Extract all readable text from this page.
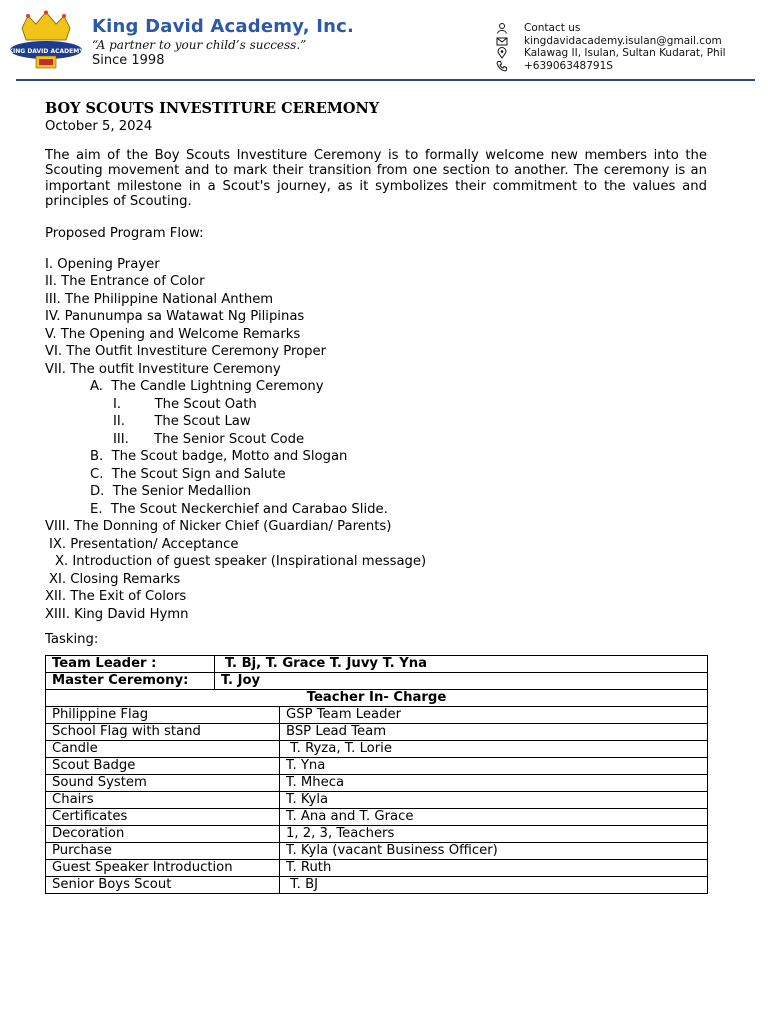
KING DAVID ACADEMY
King David Academy, Inc.
“A partner to your child’s success.”
Since 1998
Contact us
kingdavidacademy.isulan@gmail.com
Kalawag II, Isulan, Sultan Kudarat, Phil
+63906348791S
BOY SCOUTS INVESTITURE CEREMONY
October 5, 2024

The aim of the Boy Scouts Investiture Ceremony is to formally welcome new members into the Scouting movement and to mark their transition from one section to another. The ceremony is an important milestone in a Scout's journey, as it symbolizes their commitment to the values and principles of Scouting.

Proposed Program Flow:
I. Opening Prayer
II. The Entrance of Color
III. The Philippine National Anthem
IV. Panunumpa sa Watawat Ng Pilipinas
V. The Opening and Welcome Remarks
VI. The Outfit Investiture Ceremony Proper
VII. The outfit Investiture Ceremony
A.  The Candle Lightning Ceremony
I.        The Scout Oath
II.       The Scout Law
III.      The Senior Scout Code
B.  The Scout badge, Motto and Slogan
C.  The Scout Sign and Salute
D.  The Senior Medallion
E.  The Scout Neckerchief and Carabao Slide.
VIII. The Donning of Nicker Chief (Guardian/ Parents)
IX. Presentation/ Acceptance
X. Introduction of guest speaker (Inspirational message)
XI. Closing Remarks
XII. The Exit of Colors
XIII. King David Hymn
Tasking:
Team Leader :	T. Bj, T. Grace T. Juvy T. Yna	
Master Ceremony:	T. Joy	
Teacher In- Charge		
Philippine Flag		GSP Team Leader
School Flag with stand		BSP Lead Team
Candle		T. Ryza, T. Lorie
Scout Badge		T. Yna
Sound System		T. Mheca
Chairs		T. Kyla
Certificates		T. Ana and T. Grace
Decoration		1, 2, 3, Teachers
Purchase		T. Kyla (vacant Business Officer)
Guest Speaker Introduction		T. Ruth
Senior Boys Scout		T. BJ
